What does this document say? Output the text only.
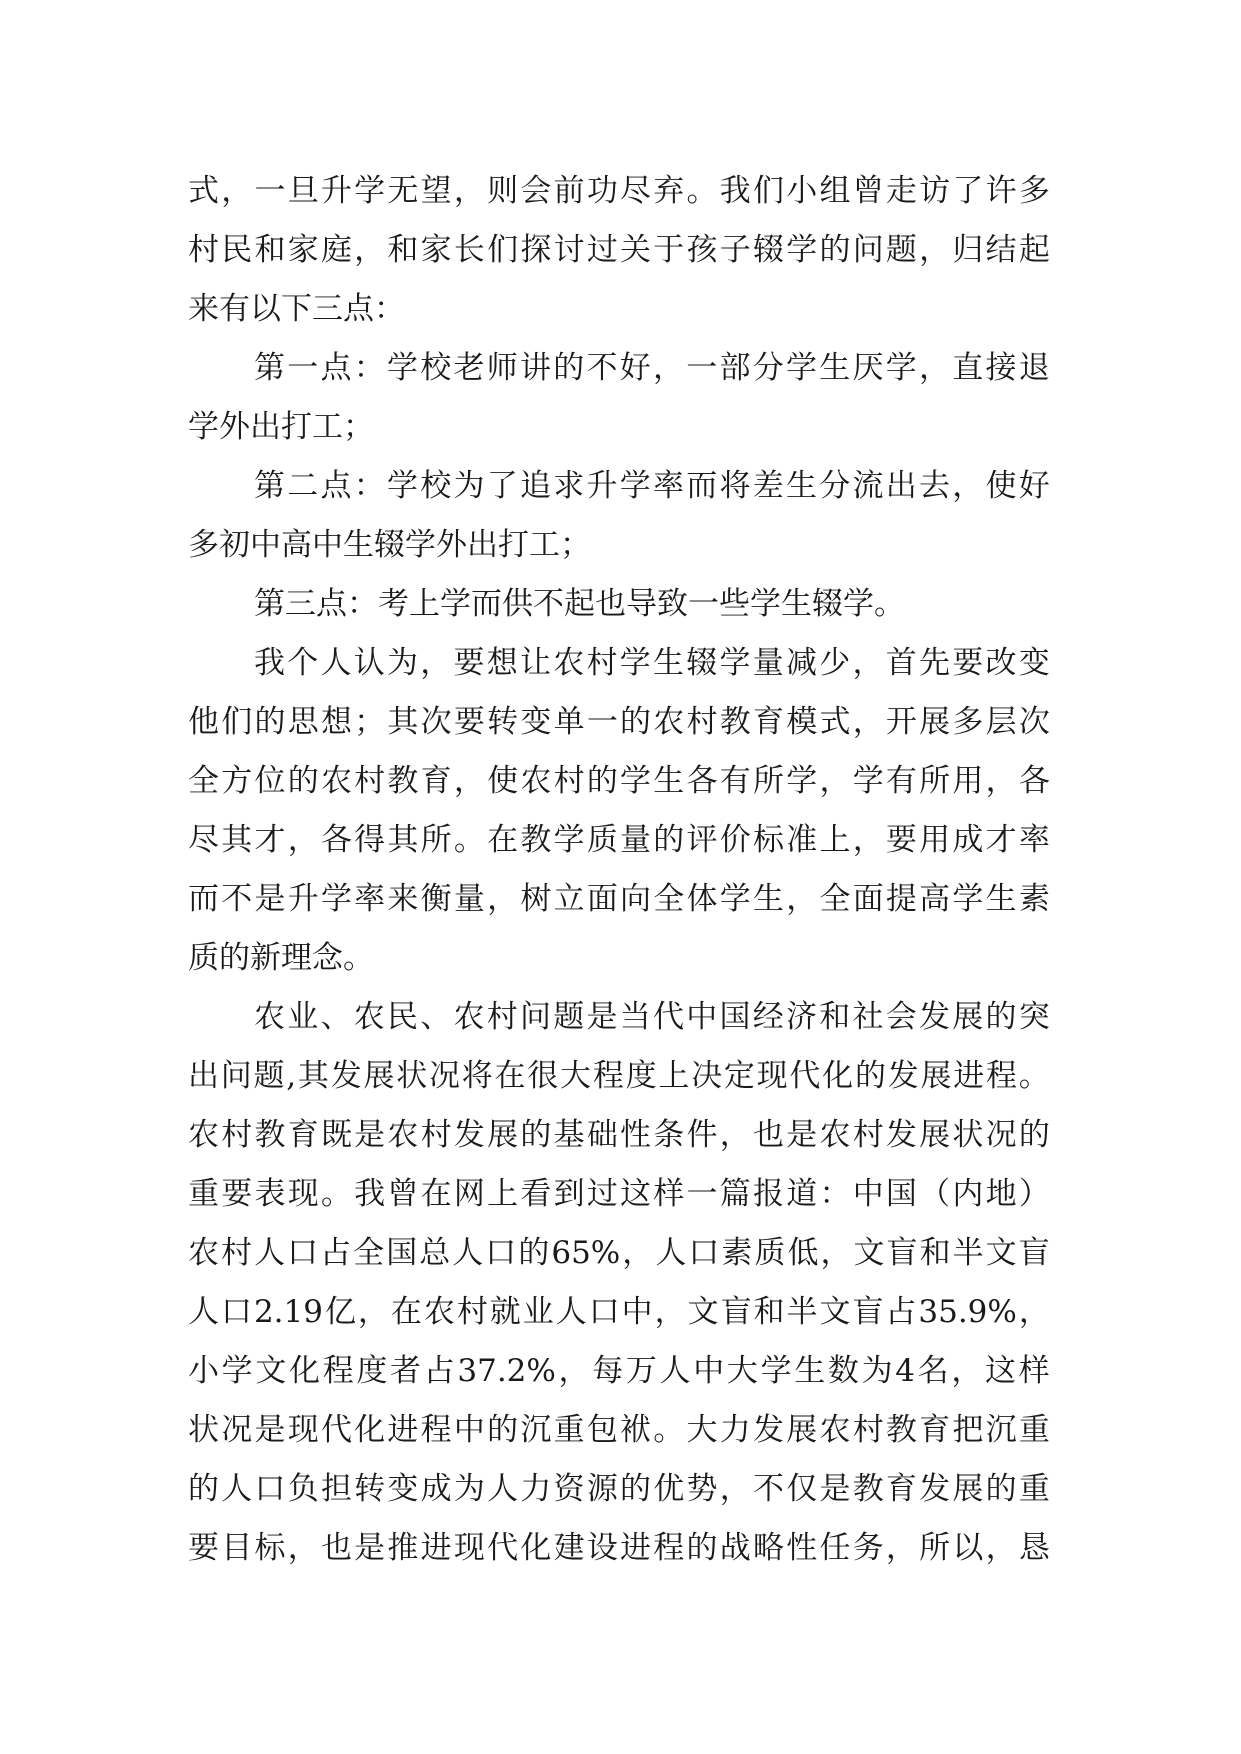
式 ， 一 旦 升 学 无 望 ， 则 会 前 功 尽 弃 。 我 们 小 组 曾 走 访 了 许 多
村 民 和 家 庭 ， 和 家 长 们 探 讨 过 关 于 孩 子 辍 学 的 问 题 ， 归 结 起
来有以下三点：
第 一 点 ： 学 校 老 师 讲 的 不 好 ， 一 部 分 学 生 厌 学 ， 直 接 退
学外出打工；
第 二 点 ： 学 校 为 了 追 求 升 学 率 而 将 差 生 分 流 出 去 ， 使 好
多初中高中生辍学外出打工；
第三点：考上学而供不起也导致一些学生辍学。
我 个 人 认 为 ， 要 想 让 农 村 学 生 辍 学 量 减 少 ， 首 先 要 改 变
他 们 的 思 想 ； 其 次 要 转 变 单 一 的 农 村 教 育 模 式 ， 开 展 多 层 次
全 方 位 的 农 村 教 育 ， 使 农 村 的 学 生 各 有 所 学 ， 学 有 所 用 ， 各
尽 其 才 ， 各 得 其 所 。 在 教 学 质 量 的 评 价 标 准 上 ， 要 用 成 才 率
而 不 是 升 学 率 来 衡 量 ， 树 立 面 向 全 体 学 生 ， 全 面 提 高 学 生 素
质的新理念。
农 业 、 农 民 、 农 村 问 题 是 当 代 中 国 经 济 和 社 会 发 展 的 突
出 问 题 , 其 发 展 状 况 将 在 很 大 程 度 上 决 定 现 代 化 的 发 展 进 程 。
农 村 教 育 既 是 农 村 发 展 的 基 础 性 条 件 ， 也 是 农 村 发 展 状 况 的
重 要 表 现 。 我 曾 在 网 上 看 到 过 这 样 一 篇 报 道 ： 中 国 （ 内 地 ）
农 村 人 口 占 全 国 总 人 口 的 65% ， 人 口 素 质 低 ， 文 盲 和 半 文 盲
人 口 2.19 亿 ， 在 农 村 就 业 人 口 中 ， 文 盲 和 半 文 盲 占 35.9% ，
小 学 文 化 程 度 者 占 37.2% ， 每 万 人 中 大 学 生 数 为 4 名 ， 这 样
状 况 是 现 代 化 进 程 中 的 沉 重 包 袱 。 大 力 发 展 农 村 教 育 把 沉 重
的 人 口 负 担 转 变 成 为 人 力 资 源 的 优 势 ， 不 仅 是 教 育 发 展 的 重
要 目 标 ， 也 是 推 进 现 代 化 建 设 进 程 的 战 略 性 任 务 ， 所 以 ， 恳
